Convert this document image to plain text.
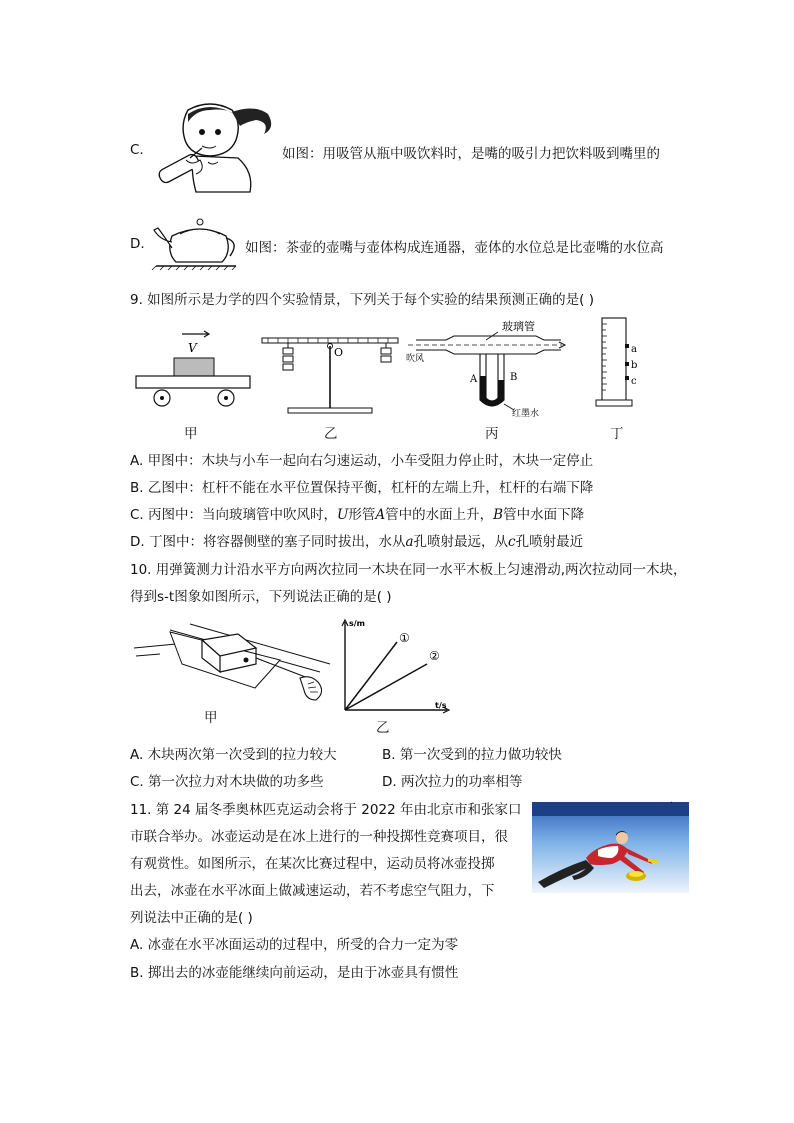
C.	如图：用吸管从瓶中吸饮料时，是嘴的吸引力把饮料吸到嘴里的
D.	如图：茶壶的壶嘴与壶体构成连通器，壶体的水位总是比壶嘴的水位高
9. 如图所示是力学的四个实验情景，下列关于每个实验的结果预测正确的是( )
V
甲
O
乙
玻璃管
吹风
A	B
红墨水
丙
a
b
c
丁
A. 甲图中：木块与小车一起向右匀速运动，小车受阻力停止时，木块一定停止
B. 乙图中：杠杆不能在水平位置保持平衡，杠杆的左端上升，杠杆的右端下降
C. 丙图中：当向玻璃管中吹风时，U形管A管中的水面上升，B管中水面下降
D. 丁图中：将容器侧壁的塞子同时拔出，水从a孔喷射最远，从c孔喷射最近
10. 用弹簧测力计沿水平方向两次拉同一木块在同一水平木板上匀速滑动,两次拉动同一木块，
得到s-t图象如图所示，下列说法正确的是( )
甲
s/m
t/s
①
②
乙
A. 木块两次第一次受到的拉力较大	B. 第一次受到的拉力做功较快
C. 第一次拉力对木块做的功多些	D. 两次拉力的功率相等
11. 第 24 届冬季奥林匹克运动会将于 2022 年由北京市和张家口
市联合举办。冰壶运动是在冰上进行的一种投掷性竞赛项目，很
有观赏性。如图所示，在某次比赛过程中，运动员将冰壶投掷
出去，冰壶在水平冰面上做减速运动，若不考虑空气阻力，下
列说法中正确的是( )
·
A. 冰壶在水平冰面运动的过程中，所受的合力一定为零
B. 掷出去的冰壶能继续向前运动，是由于冰壶具有惯性
